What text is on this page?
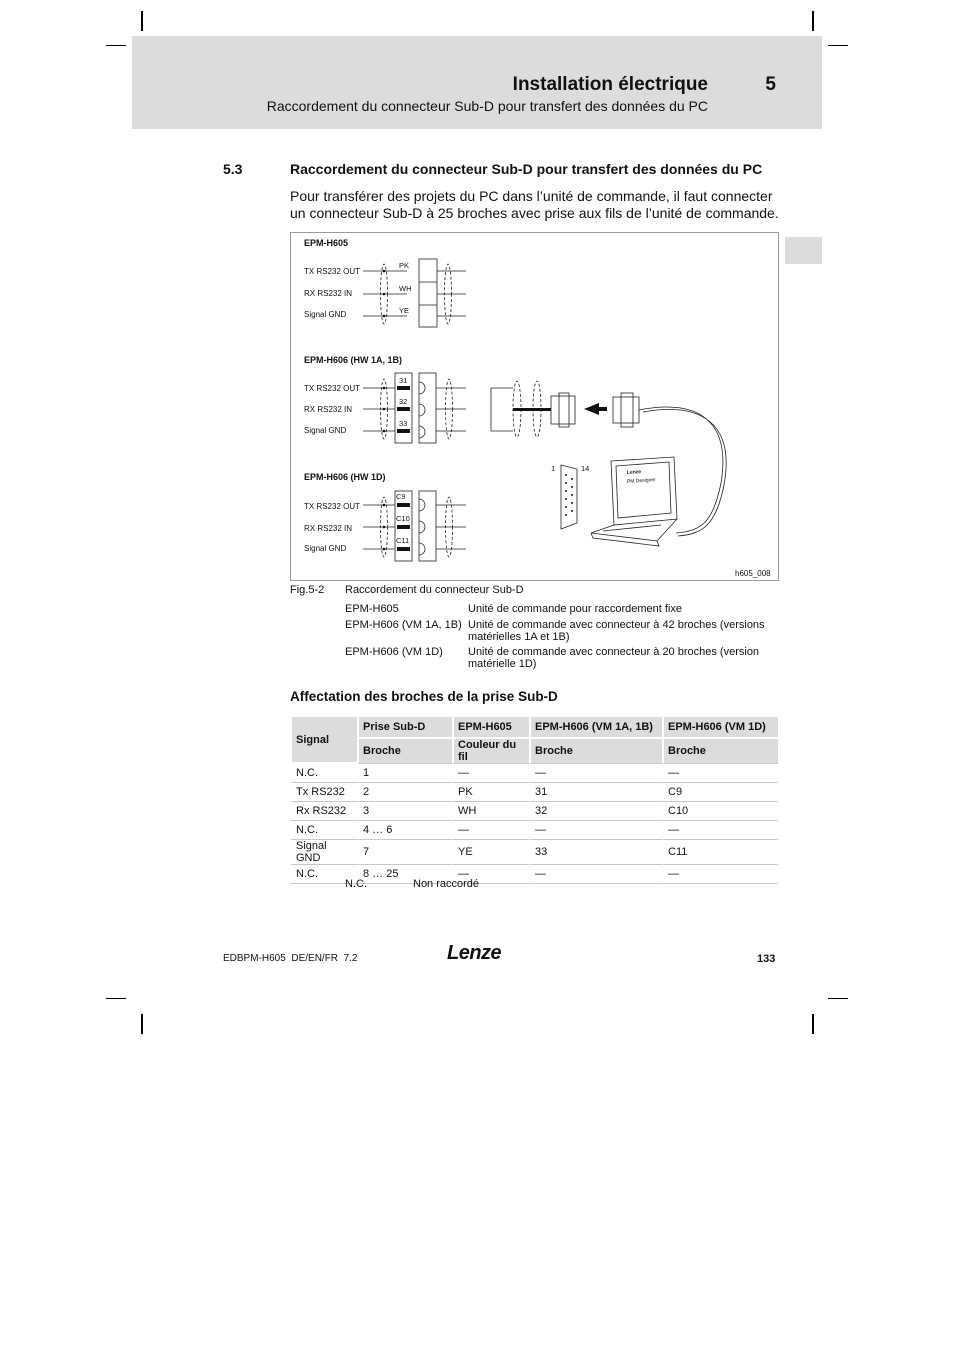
Installation électrique	5
Raccordement du connecteur Sub-D pour transfert des données du PC
5.3	Raccordement du connecteur Sub-D pour transfert des données du PC
Pour transférer des projets du PC dans l’unité de commande, il faut connecter un connecteur Sub-D à 25 broches avec prise aux fils de l’unité de commande.
EPM-H605
TX RS232 OUT
RX RS232 IN
Signal GND
PK
WH
YE
EPM-H606 (HW 1A, 1B)
TX RS232 OUT
RX RS232 IN
Signal GND
31
32
33
EPM-H606 (HW 1D)
TX RS232 OUT
RX RS232 IN
Signal GND
C9
C10
C11
1	14	Lenze
PM Designer
h605_008
Fig.5-2 Raccordement du connecteur Sub-D
EPM-H605	Unité de commande pour raccordement fixe
EPM-H606 (VM 1A, 1B) Unité de commande avec connecteur à 42 broches (versions matérielles 1A et 1B)
EPM-H606 (VM 1D) Unité de commande avec connecteur à 20 broches (version matérielle 1D)
Affectation des broches de la prise Sub-D
Signal	Prise Sub-D	EPM-H605	EPM-H606 (VM 1A, 1B)	EPM-H606 (VM 1D)
	Broche	Couleur du fil	Broche	Broche
N.C.	1	—	—	—
Tx RS232	2	PK	31	C9
Rx RS232	3	WH	32	C10
N.C.	4 … 6	—	—	—
Signal GND	7	YE	33	C11
N.C.	8 … 25	—	—	—
N.C.	Non raccordé
EDBPM-H605  DE/EN/FR  7.2	Lenze	133
